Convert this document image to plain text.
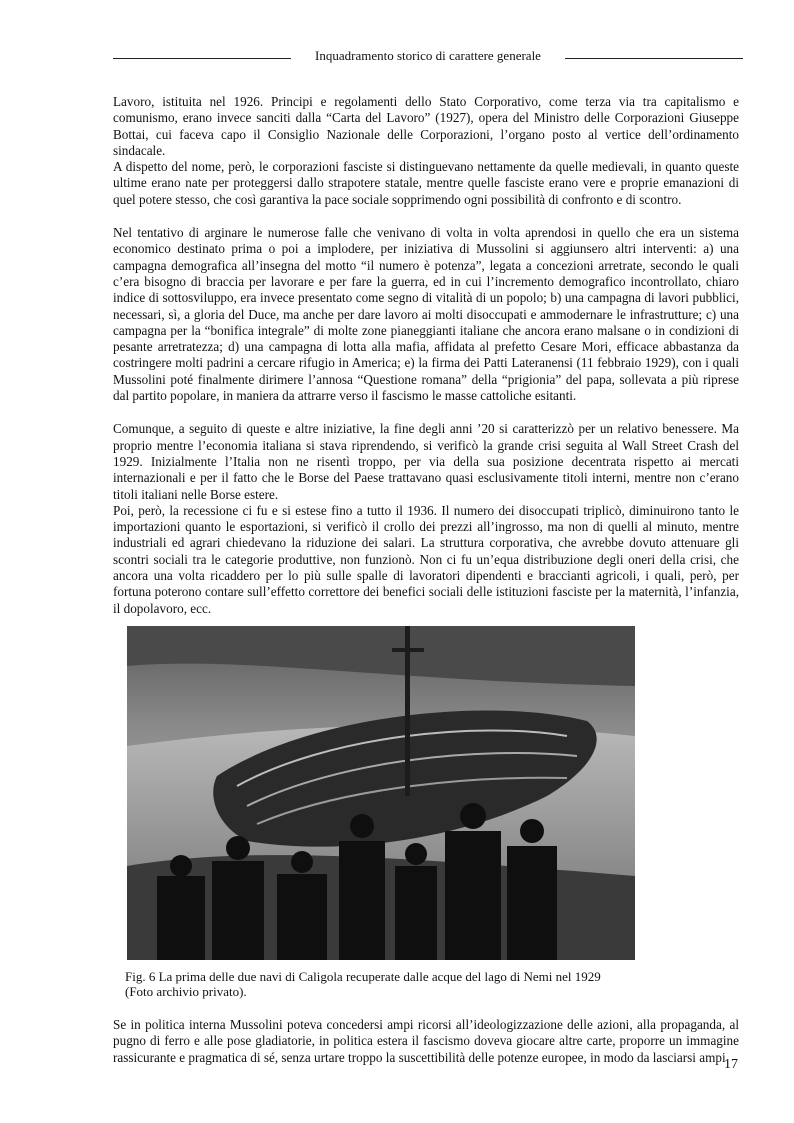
Inquadramento storico di carattere generale

Lavoro, istituita nel 1926. Principi e regolamenti dello Stato Corporativo, come terza via tra capitalismo e comunismo, erano invece sanciti dalla “Carta del Lavoro” (1927), opera del Ministro delle Corporazioni Giuseppe Bottai, cui faceva capo il Consiglio Nazionale delle Corporazioni, l’organo posto al vertice dell’ordinamento sindacale.

A dispetto del nome, però, le corporazioni fasciste si distinguevano nettamente da quelle medievali, in quanto queste ultime erano nate per proteggersi dallo strapotere statale, mentre quelle fasciste erano vere e proprie emanazioni di quel potere stesso, che così garantiva la pace sociale sopprimendo ogni possibilità di confronto e di scontro.

Nel tentativo di arginare le numerose falle che venivano di volta in volta aprendosi in quello che era un sistema economico destinato prima o poi a implodere, per iniziativa di Mussolini si aggiunsero altri interventi: a) una campagna demografica all’insegna del motto “il numero è potenza”, legata a concezioni arretrate, secondo le quali c’era bisogno di braccia per lavorare e per fare la guerra, ed in cui l’incremento demografico incontrollato, chiaro indice di sottosviluppo, era invece presentato come segno di vitalità di un popolo; b) una campagna di lavori pubblici, necessari, sì, a gloria del Duce, ma anche per dare lavoro ai molti disoccupati e ammodernare le infrastrutture; c) una campagna per la “bonifica integrale” di molte zone pianeggianti italiane che ancora erano malsane o in condizioni di pesante arretratezza; d) una campagna di lotta alla mafia, affidata al prefetto Cesare Mori, efficace abbastanza da costringere molti padrini a cercare rifugio in America; e) la firma dei Patti Lateranensi (11 febbraio 1929), con i quali Mussolini poté finalmente dirimere l’annosa “Questione romana” della “prigionia” del papa, sollevata a più riprese dal partito popolare, in maniera da attrarre verso il fascismo le masse cattoliche esitanti.

Comunque, a seguito di queste e altre iniziative, la fine degli anni ’20 si caratterizzò per un relativo benessere. Ma proprio mentre l’economia italiana si stava riprendendo, si verificò la grande crisi seguita al Wall Street Crash del 1929. Inizialmente l’Italia non ne risentì troppo, per via della sua posizione decentrata rispetto ai mercati internazionali e per il fatto che le Borse del Paese trattavano quasi esclusivamente titoli interni, mentre non c’erano titoli italiani nelle Borse estere.

Poi, però, la recessione ci fu e si estese fino a tutto il 1936. Il numero dei disoccupati triplicò, diminuirono tanto le importazioni quanto le esportazioni, si verificò il crollo dei prezzi all’ingrosso, ma non di quelli al minuto, mentre industriali ed agrari chiedevano la riduzione dei salari. La struttura corporativa, che avrebbe dovuto attenuare gli scontri sociali tra le categorie produttive, non funzionò. Non ci fu un’equa distribuzione degli oneri della crisi, che ancora una volta ricaddero per lo più sulle spalle di lavoratori dipendenti e braccianti agricoli, i quali, però, per fortuna poterono contare sull’effetto correttore dei benefici sociali delle istituzioni fasciste per la maternità, l’infanzia, il dopolavoro, ecc.

Fig. 6 La prima delle due navi di Caligola recuperate dalle acque del lago di Nemi nel 1929
(Foto archivio privato).

Se in politica interna Mussolini poteva concedersi ampi ricorsi all’ideologizzazione delle azioni, alla propaganda, al pugno di ferro e alle pose gladiatorie, in politica estera il fascismo doveva giocare altre carte, proporre un immagine rassicurante e pragmatica di sé, senza urtare troppo la suscettibilità delle potenze europee, in modo da lasciarsi ampi

17
